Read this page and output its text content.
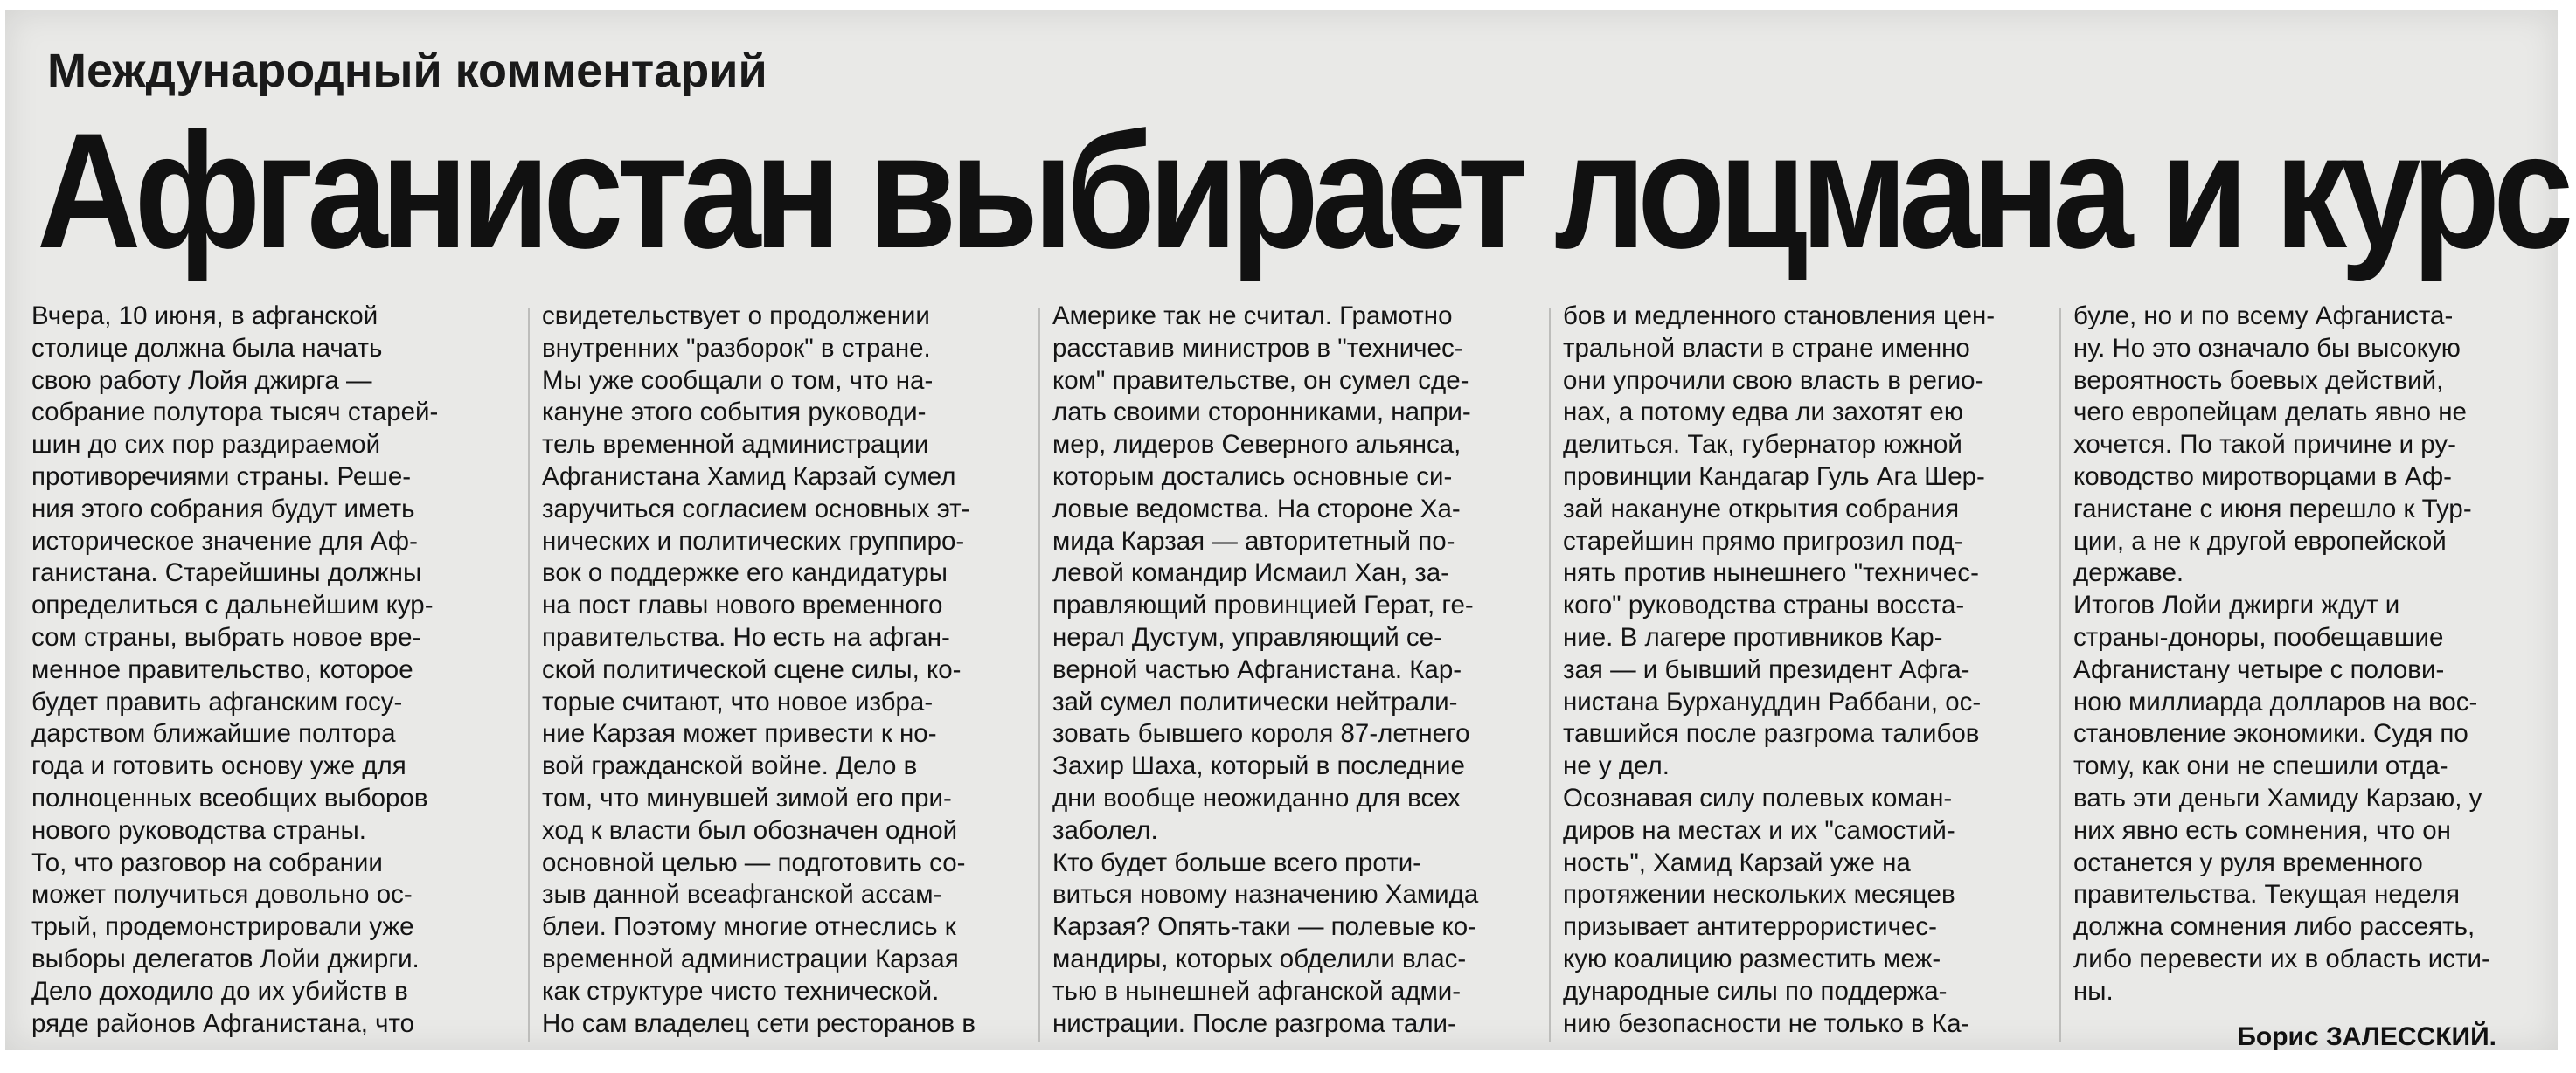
Международный комментарий
Афганистан выбирает лоцмана и курс

Вчера, 10 июня, в афганской
столице должна была начать
свою работу Лойя джирга —
собрание полутора тысяч старей-
шин до сих пор раздираемой
противоречиями страны. Реше-
ния этого собрания будут иметь
историческое значение для Аф-
ганистана. Старейшины должны
определиться с дальнейшим кур-
сом страны, выбрать новое вре-
менное правительство, которое
будет править афганским госу-
дарством ближайшие полтора
года и готовить основу уже для
полноценных всеобщих выборов
нового руководства страны.
То, что разговор на собрании
может получиться довольно ос-
трый, продемонстрировали уже
выборы делегатов Лойи джирги.
Дело доходило до их убийств в
ряде районов Афганистана, что

свидетельствует о продолжении
внутренних "разборок" в стране.
Мы уже сообщали о том, что на-
кануне этого события руководи-
тель временной администрации
Афганистана Хамид Карзай сумел
заручиться согласием основных эт-
нических и политических группиро-
вок о поддержке его кандидатуры
на пост главы нового временного
правительства. Но есть на афган-
ской политической сцене силы, ко-
торые считают, что новое избра-
ние Карзая может привести к но-
вой гражданской войне. Дело в
том, что минувшей зимой его при-
ход к власти был обозначен одной
основной целью — подготовить со-
зыв данной всеафганской ассам-
блеи. Поэтому многие отнеслись к
временной администрации Карзая
как структуре чисто технической.
Но сам владелец сети ресторанов в

Америке так не считал. Грамотно
расставив министров в "техничес-
ком" правительстве, он сумел сде-
лать своими сторонниками, напри-
мер, лидеров Северного альянса,
которым достались основные си-
ловые ведомства. На стороне Ха-
мида Карзая — авторитетный по-
левой командир Исмаил Хан, за-
правляющий провинцией Герат, ге-
нерал Дустум, управляющий се-
верной частью Афганистана. Кар-
зай сумел политически нейтрали-
зовать бывшего короля 87-летнего
Захир Шаха, который в последние
дни вообще неожиданно для всех
заболел.
Кто будет больше всего проти-
виться новому назначению Хамида
Карзая? Опять-таки — полевые ко-
мандиры, которых обделили влас-
тью в нынешней афганской адми-
нистрации. После разгрома тали-

бов и медленного становления цен-
тральной власти в стране именно
они упрочили свою власть в регио-
нах, а потому едва ли захотят ею
делиться. Так, губернатор южной
провинции Кандагар Гуль Ага Шер-
зай накануне открытия собрания
старейшин прямо пригрозил под-
нять против нынешнего "техничес-
кого" руководства страны восста-
ние. В лагере противников Кар-
зая — и бывший президент Афга-
нистана Бурхануддин Раббани, ос-
тавшийся после разгрома талибов
не у дел.
Осознавая силу полевых коман-
диров на местах и их "самостий-
ность", Хамид Карзай уже на
протяжении нескольких месяцев
призывает антитеррористичес-
кую коалицию разместить меж-
дународные силы по поддержа-
нию безопасности не только в Ка-

буле, но и по всему Афганиста-
ну. Но это означало бы высокую
вероятность боевых действий,
чего европейцам делать явно не
хочется. По такой причине и ру-
ководство миротворцами в Аф-
ганистане с июня перешло к Тур-
ции, а не к другой европейской
державе.
Итогов Лойи джирги ждут и
страны-доноры, пообещавшие
Афганистану четыре с полови-
ною миллиарда долларов на вос-
становление экономики. Судя по
тому, как они не спешили отда-
вать эти деньги Хамиду Карзаю, у
них явно есть сомнения, что он
останется у руля временного
правительства. Текущая неделя
должна сомнения либо рассеять,
либо перевести их в область исти-
ны.

Борис ЗАЛЕССКИЙ.
